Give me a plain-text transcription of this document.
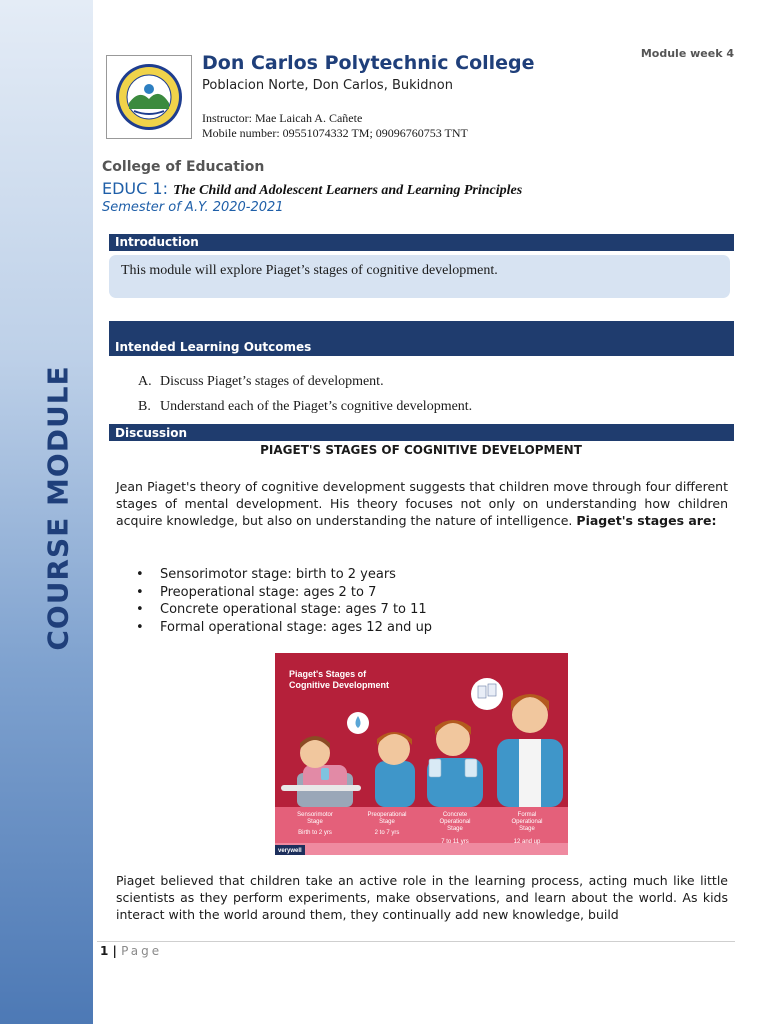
COURSE MODULE
Don Carlos Polytechnic College
Poblacion Norte, Don Carlos, Bukidnon
Instructor: Mae Laicah A. Cañete
Mobile number: 09551074332 TM; 09096760753 TNT
Module week 4
College of Education
EDUC 1: The Child and Adolescent Learners and Learning Principles
Semester of A.Y. 2020-2021
Introduction
This module will explore Piaget’s stages of cognitive development.
Intended Learning Outcomes
A. Discuss Piaget’s stages of development.
B. Understand each of the Piaget’s cognitive development.
Discussion
PIAGET'S STAGES OF COGNITIVE DEVELOPMENT
Jean Piaget's theory of cognitive development suggests that children move through four different stages of mental development. His theory focuses not only on understanding how children acquire knowledge, but also on understanding the nature of intelligence. Piaget's stages are:
• Sensorimotor stage: birth to 2 years
• Preoperational stage: ages 2 to 7
• Concrete operational stage: ages 7 to 11
• Formal operational stage: ages 12 and up
Piaget's Stages of
Cognitive Development
Sensorimotor
Stage
Birth to 2 yrs
Preoperational
Stage
2 to 7 yrs
Concrete
Operational
Stage
7 to 11 yrs
Formal
Operational
Stage
12 and up
verywell
Piaget believed that children take an active role in the learning process, acting much like little scientists as they perform experiments, make observations, and learn about the world. As kids interact with the world around them, they continually add new knowledge, build
1 | Page
